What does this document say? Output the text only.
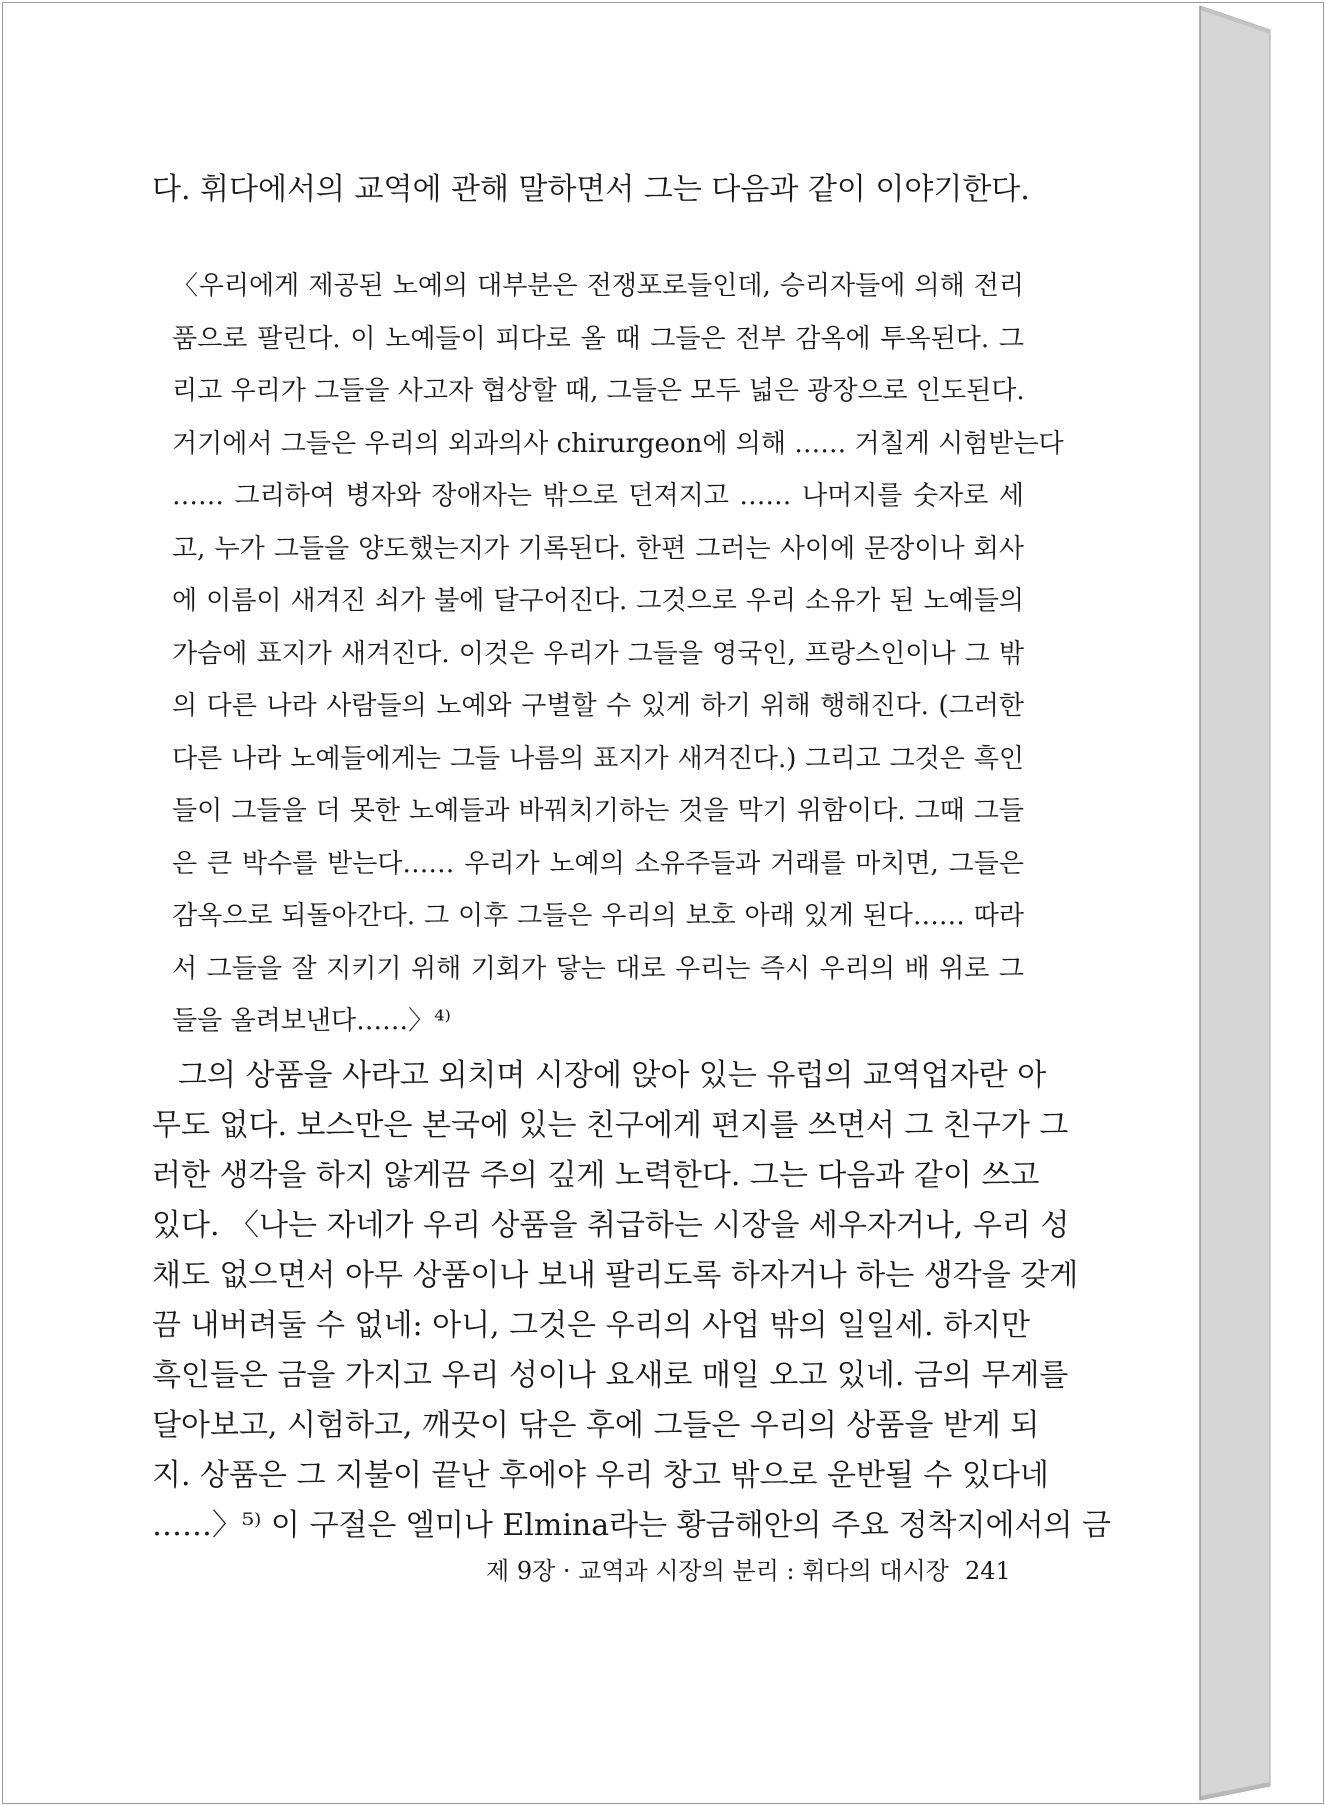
다. 휘다에서의 교역에 관해 말하면서 그는 다음과 같이 이야기한다.
〈우리에게 제공된 노예의 대부분은 전쟁포로들인데, 승리자들에 의해 전리
품으로 팔린다. 이 노예들이 피다로 올 때 그들은 전부 감옥에 투옥된다. 그
리고 우리가 그들을 사고자 협상할 때, 그들은 모두 넓은 광장으로 인도된다.
거기에서 그들은 우리의 외과의사 chirurgeon에 의해 …… 거칠게 시험받는다
…… 그리하여 병자와 장애자는 밖으로 던져지고 …… 나머지를 숫자로 세
고, 누가 그들을 양도했는지가 기록된다. 한편 그러는 사이에 문장이나 회사
에 이름이 새겨진 쇠가 불에 달구어진다. 그것으로 우리 소유가 된 노예들의
가슴에 표지가 새겨진다. 이것은 우리가 그들을 영국인, 프랑스인이나 그 밖
의 다른 나라 사람들의 노예와 구별할 수 있게 하기 위해 행해진다. (그러한
다른 나라 노예들에게는 그들 나름의 표지가 새겨진다.) 그리고 그것은 흑인
들이 그들을 더 못한 노예들과 바꿔치기하는 것을 막기 위함이다. 그때 그들
은 큰 박수를 받는다…… 우리가 노예의 소유주들과 거래를 마치면, 그들은
감옥으로 되돌아간다. 그 이후 그들은 우리의 보호 아래 있게 된다…… 따라
서 그들을 잘 지키기 위해 기회가 닿는 대로 우리는 즉시 우리의 배 위로 그
들을 올려보낸다……〉⁴⁾
그의 상품을 사라고 외치며 시장에 앉아 있는 유럽의 교역업자란 아
무도 없다. 보스만은 본국에 있는 친구에게 편지를 쓰면서 그 친구가 그
러한 생각을 하지 않게끔 주의 깊게 노력한다. 그는 다음과 같이 쓰고
있다. 〈나는 자네가 우리 상품을 취급하는 시장을 세우자거나, 우리 성
채도 없으면서 아무 상품이나 보내 팔리도록 하자거나 하는 생각을 갖게
끔 내버려둘 수 없네: 아니, 그것은 우리의 사업 밖의 일일세. 하지만
흑인들은 금을 가지고 우리 성이나 요새로 매일 오고 있네. 금의 무게를
달아보고, 시험하고, 깨끗이 닦은 후에 그들은 우리의 상품을 받게 되
지. 상품은 그 지불이 끝난 후에야 우리 창고 밖으로 운반될 수 있다네
……〉⁵⁾ 이 구절은 엘미나 Elmina라는 황금해안의 주요 정착지에서의 금
제 9장 · 교역과 시장의 분리 : 휘다의 대시장 241
